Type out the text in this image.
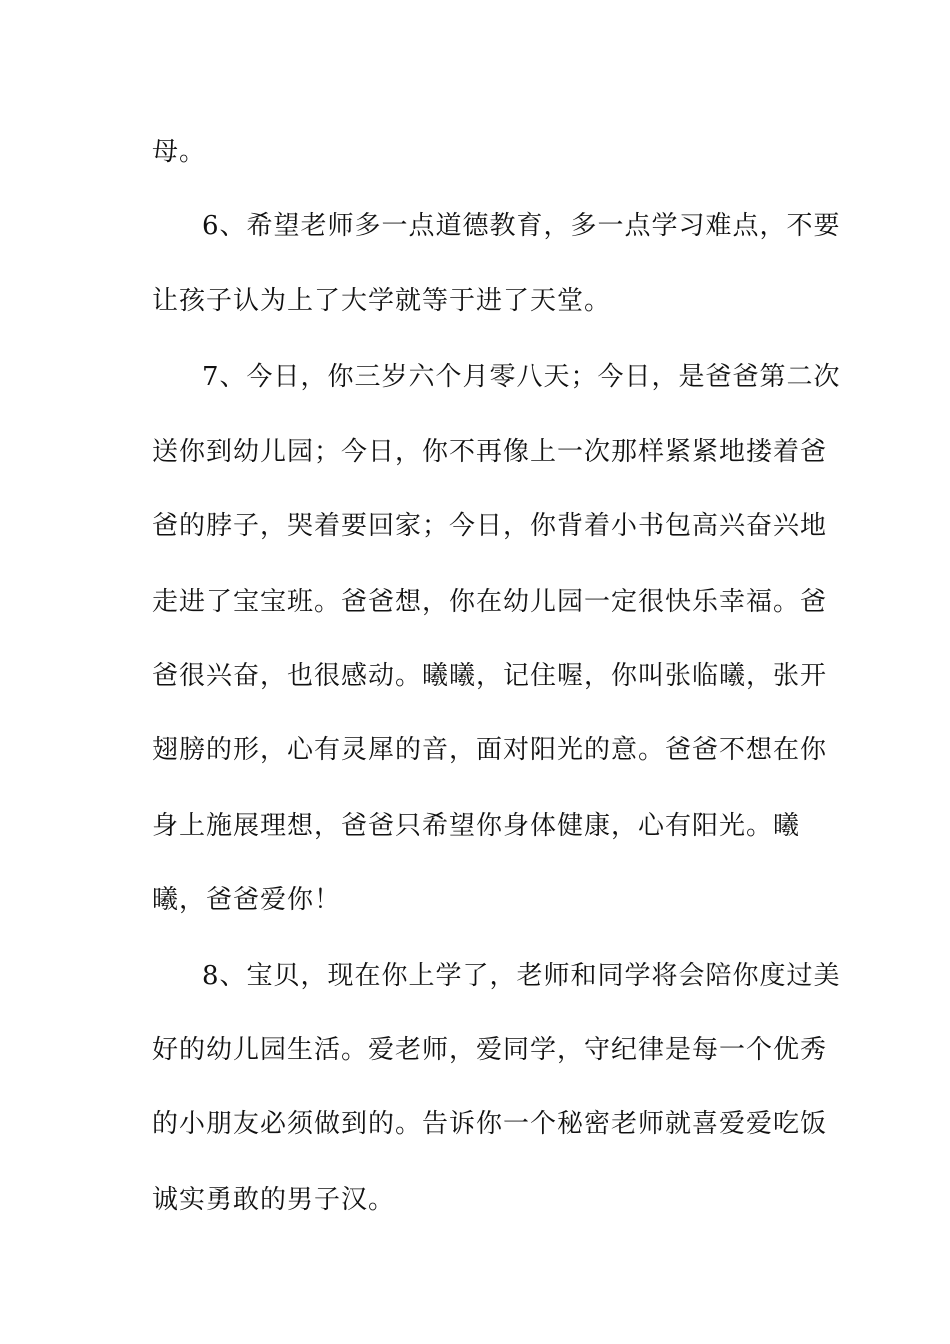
母。

6、希望老师多一点道德教育，多一点学习难点，不要

让孩子认为上了大学就等于进了天堂。

7、今日，你三岁六个月零八天；今日，是爸爸第二次

送你到幼儿园；今日，你不再像上一次那样紧紧地搂着爸

爸的脖子，哭着要回家；今日，你背着小书包高兴奋兴地

走进了宝宝班。爸爸想，你在幼儿园一定很快乐幸福。爸

爸很兴奋，也很感动。曦曦，记住喔，你叫张临曦，张开

翅膀的形，心有灵犀的音，面对阳光的意。爸爸不想在你

身上施展理想，爸爸只希望你身体健康，心有阳光。曦

曦，爸爸爱你！

8、宝贝，现在你上学了，老师和同学将会陪你度过美

好的幼儿园生活。爱老师，爱同学，守纪律是每一个优秀

的小朋友必须做到的。告诉你一个秘密老师就喜爱爱吃饭

诚实勇敢的男子汉。
